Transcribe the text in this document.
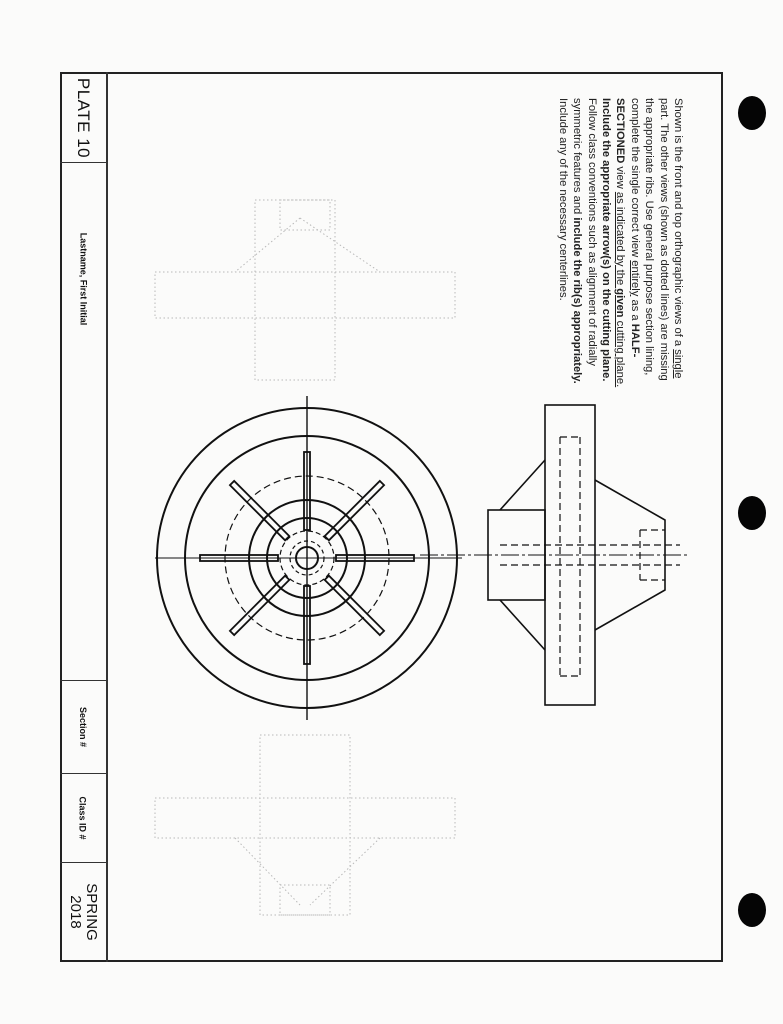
PLATE 10
Lastname, First Initial
Section #
Class ID #
SPRING
2018
Shown is the front and top orthographic views of a single part. The other views (shown as dotted lines) are missing the appropriate ribs. Use general purpose section lining, complete the single correct view entirely as a HALF-SECTIONED view as indicated by the given cutting plane. Include the appropriate arrow(s) on the cutting plane. Follow class conventions such as alignment of radially symmetric features and include the rib(s) appropriately. Include any of the necessary centerlines.
